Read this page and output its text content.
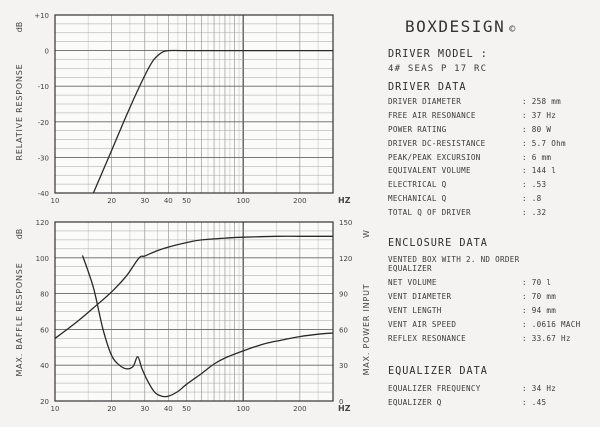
10	20	30 40 50	100	200	HZ
+10
0
-10
-20
-30
-40
RELATIVE RESPONSE
dB
10	20	30 40 50	100	200	HZ
20
40
60
80
100
120
MAX. BAFFLE RESPONSE
dB
0
30
60
90
120
150
MAX. POWER INPUT
W
BOXDESIGN ©
DRIVER MODEL :
4# SEAS P 17 RC
DRIVER DATA
DRIVER DIAMETER	: 258 mm
FREE AIR RESONANCE	: 37 Hz
POWER RATING	: 80 W
DRIVER DC-RESISTANCE	: 5.7 Ohm
PEAK/PEAK EXCURSION	: 6 mm
EQUIVALENT VOLUME	: 144 l
ELECTRICAL Q	: .53
MECHANICAL Q	: .8
TOTAL Q OF DRIVER	: .32
ENCLOSURE DATA
VENTED BOX WITH 2. ND ORDER
EQUALIZER
NET VOLUME	: 70 l
VENT DIAMETER	: 70 mm
VENT LENGTH	: 94 mm
VENT AIR SPEED	: .0616 MACH
REFLEX RESONANCE	: 33.67 Hz
EQUALIZER DATA
EQUALIZER FREQUENCY	: 34 Hz
EQUALIZER Q	: .45
